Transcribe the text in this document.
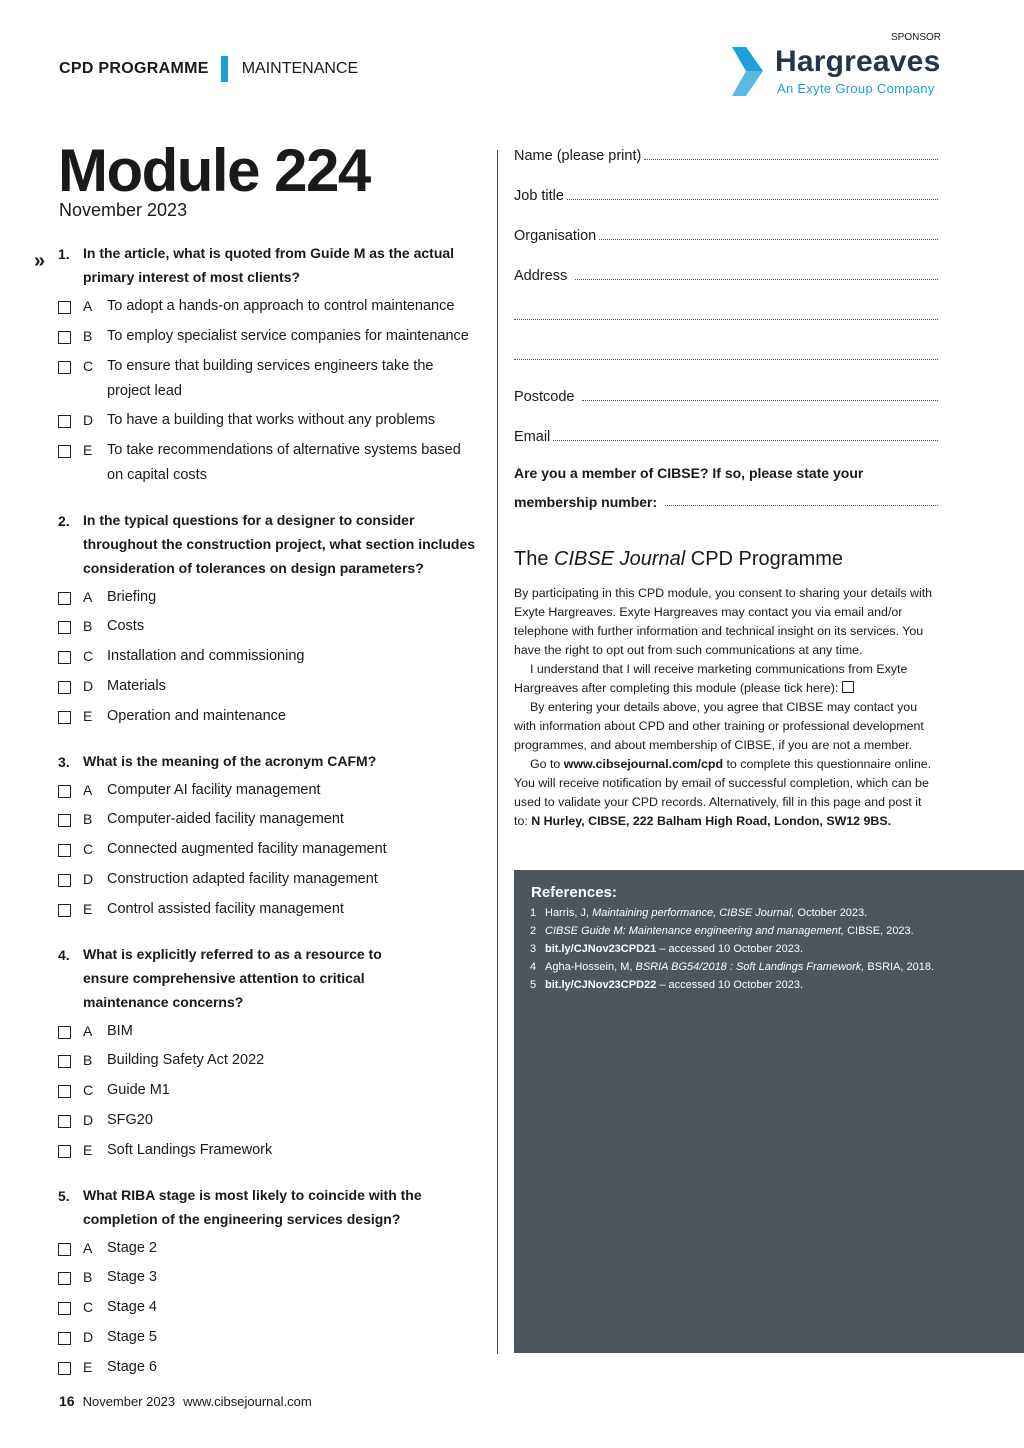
CPD PROGRAMME MAINTENANCE
SPONSOR
Hargreaves
An Exyte Group Company
Module 224
November 2023
» 1. In the article, what is quoted from Guide M as the actual
primary interest of most clients?
A To adopt a hands-on approach to control maintenance
B To employ specialist service companies for maintenance
C To ensure that building services engineers take the
project lead
D To have a building that works without any problems
E To take recommendations of alternative systems based
on capital costs
2. In the typical questions for a designer to consider
throughout the construction project, what section includes
consideration of tolerances on design parameters?
A Briefing
B Costs
C Installation and commissioning
D Materials
E Operation and maintenance
3. What is the meaning of the acronym CAFM?
A Computer AI facility management
B Computer-aided facility management
C Connected augmented facility management
D Construction adapted facility management
E Control assisted facility management
4. What is explicitly referred to as a resource to
ensure comprehensive attention to critical
maintenance concerns?
A BIM
B Building Safety Act 2022
C Guide M1
D SFG20
E Soft Landings Framework
5. What RIBA stage is most likely to coincide with the
completion of the engineering services design?
A Stage 2
B Stage 3
C Stage 4
D Stage 5
E Stage 6
Name (please print)
Job title
Organisation
Address
Postcode
Email
Are you a member of CIBSE? If so, please state your
membership number:
The CIBSE Journal CPD Programme

By participating in this CPD module, you consent to sharing your details with Exyte Hargreaves. Exyte Hargreaves may contact you via email and/or telephone with further information and technical insight on its services. You have the right to opt out from such communications at any time.

I understand that I will receive marketing communications from Exyte Hargreaves after completing this module (please tick here):

By entering your details above, you agree that CIBSE may contact you with information about CPD and other training or professional development programmes, and about membership of CIBSE, if you are not a member.

Go to www.cibsejournal.com/cpd to complete this questionnaire online. You will receive notification by email of successful completion, which can be used to validate your CPD records. Alternatively, fill in this page and post it to: N Hurley, CIBSE, 222 Balham High Road, London, SW12 9BS.

References:
1 Harris, J, Maintaining performance, CIBSE Journal, October 2023.
2 CIBSE Guide M: Maintenance engineering and management, CIBSE, 2023.
3 bit.ly/CJNov23CPD21 – accessed 10 October 2023.
4 Agha-Hossein, M, BSRIA BG54/2018 : Soft Landings Framework, BSRIA, 2018.
5 bit.ly/CJNov23CPD22 – accessed 10 October 2023.
16 November 2023 www.cibsejournal.com
